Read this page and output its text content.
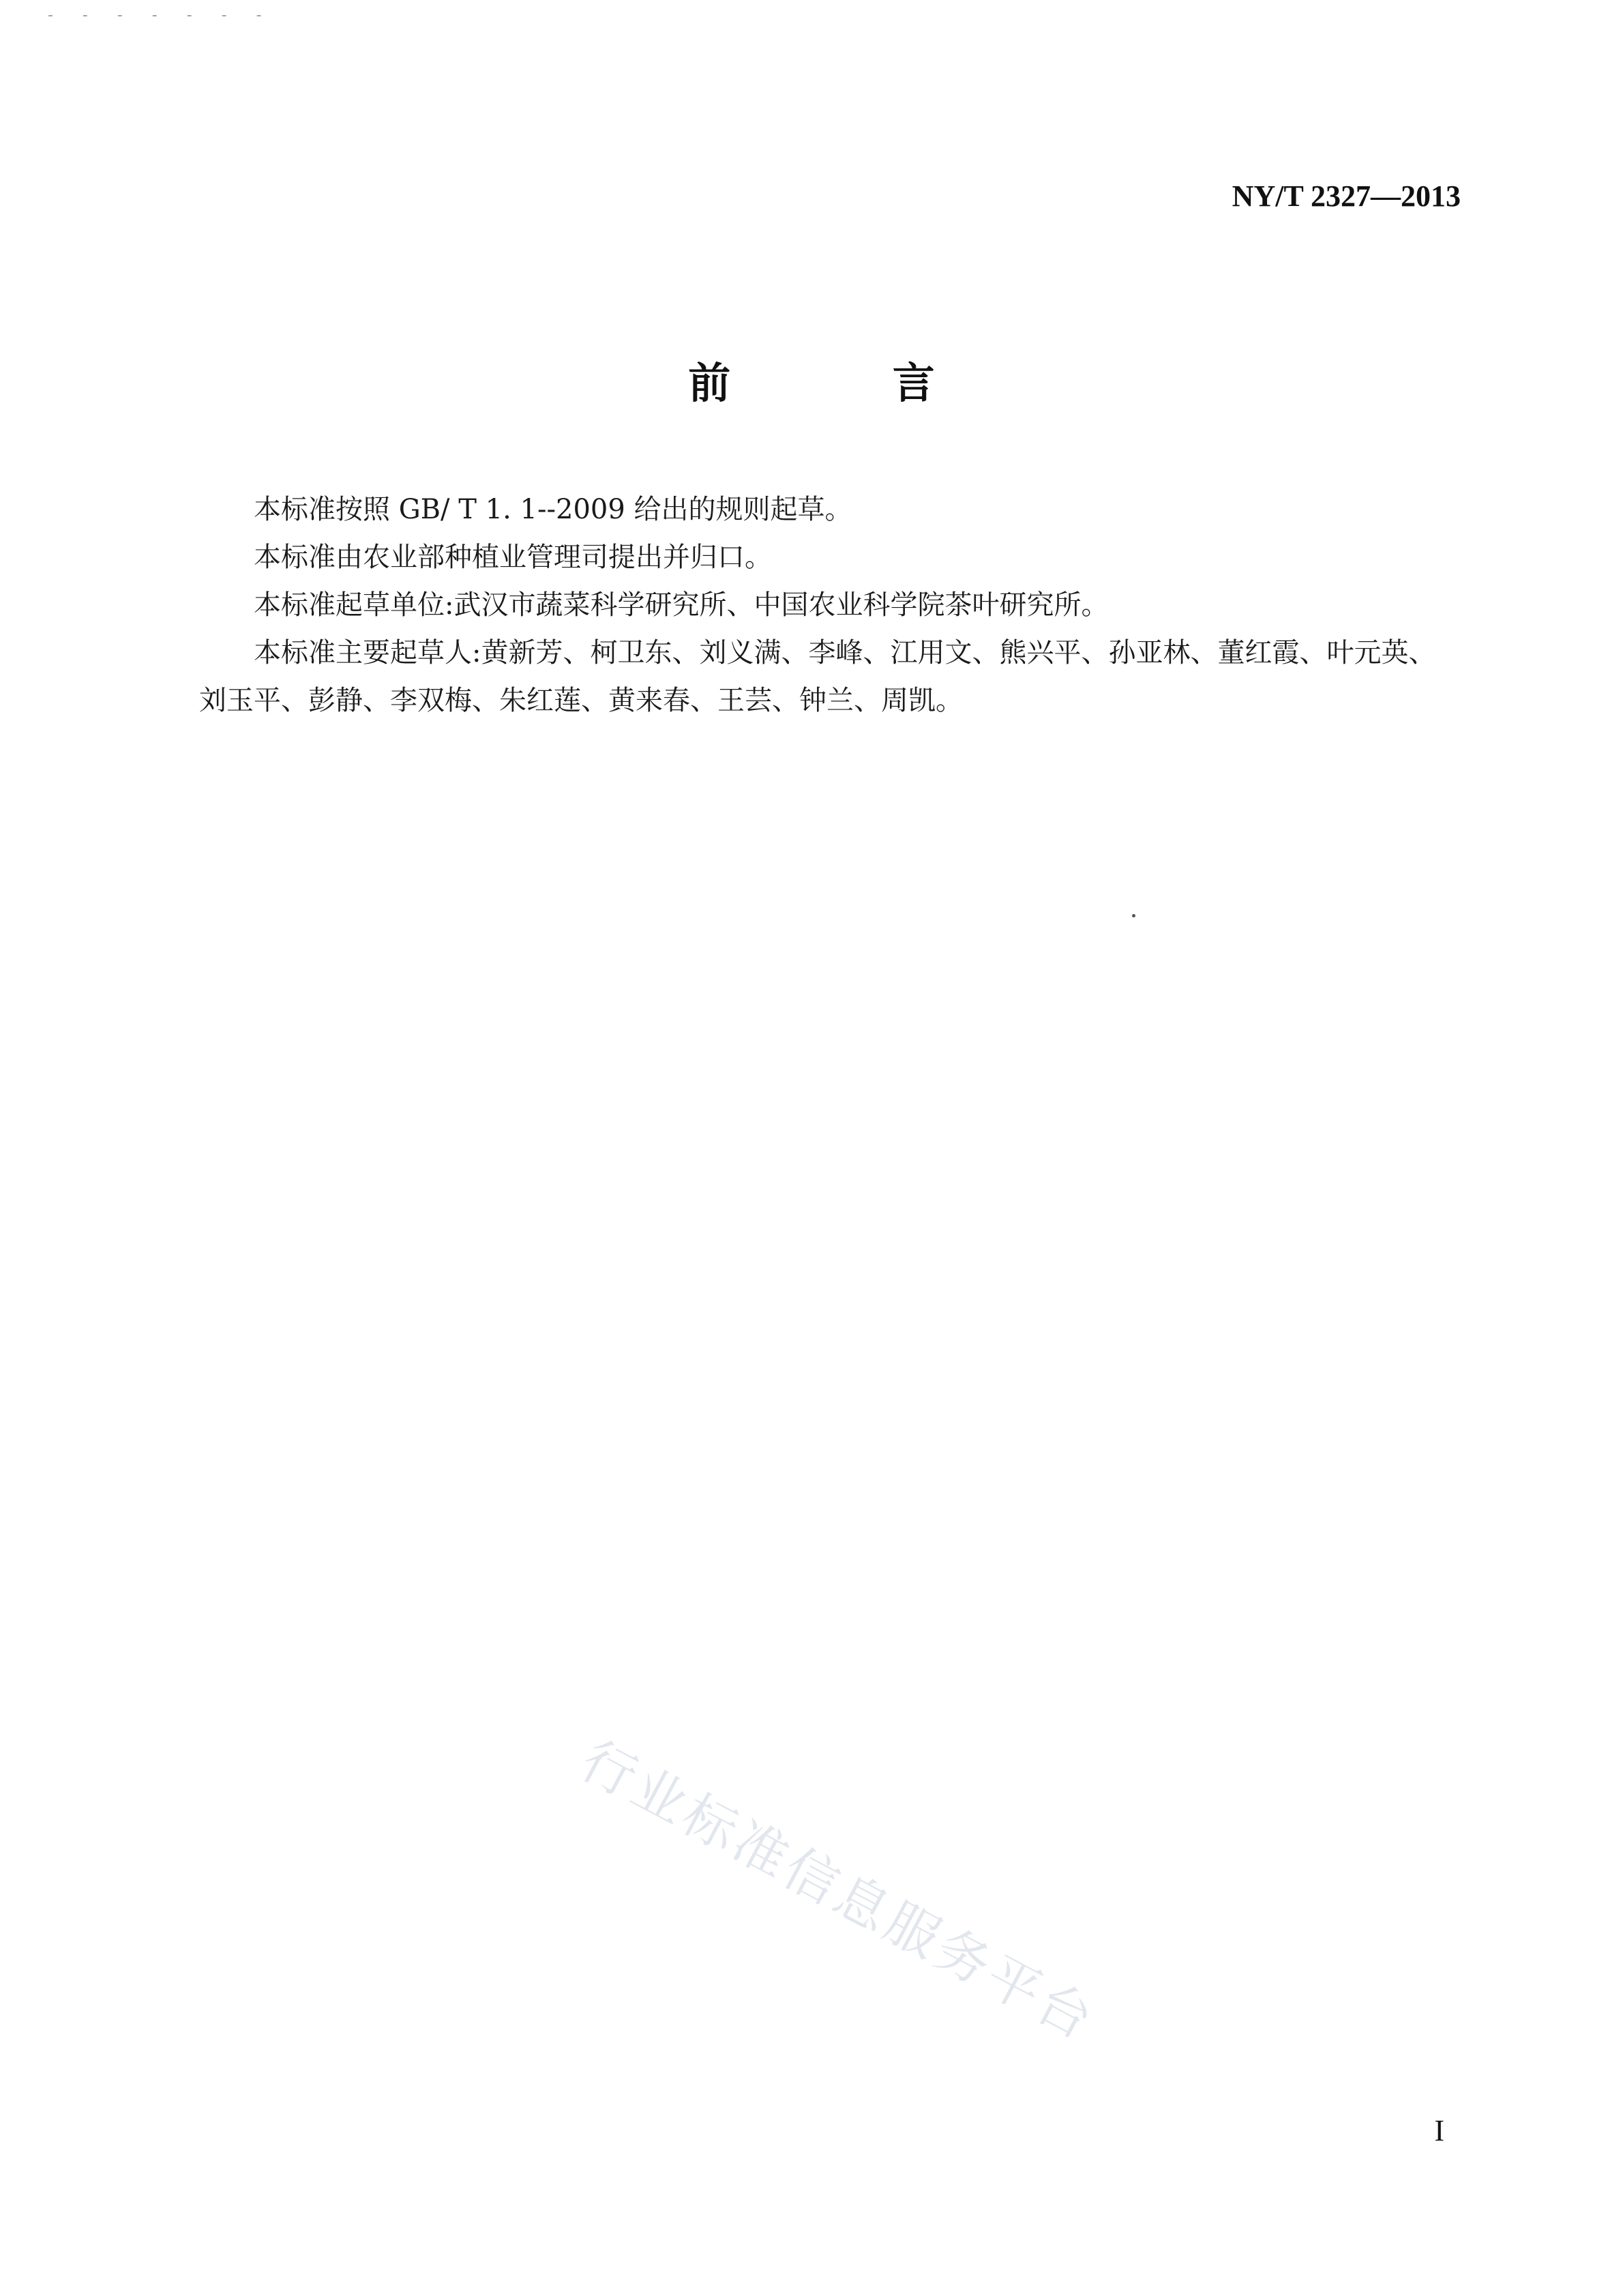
- - - - - - -
NY/T 2327—2013
前 言

本标准按照 GB/ T 1. 1--2009 给出的规则起草。

本标准由农业部种植业管理司提出并归口。

本标准起草单位:武汉市蔬菜科学研究所、中国农业科学院茶叶研究所。

本标准主要起草人:黄新芳、柯卫东、刘义满、李峰、江用文、熊兴平、孙亚林、董红霞、叶元英、刘玉平、彭静、李双梅、朱红莲、黄来春、王芸、钟兰、周凯。

行业标准信息服务平台
I
